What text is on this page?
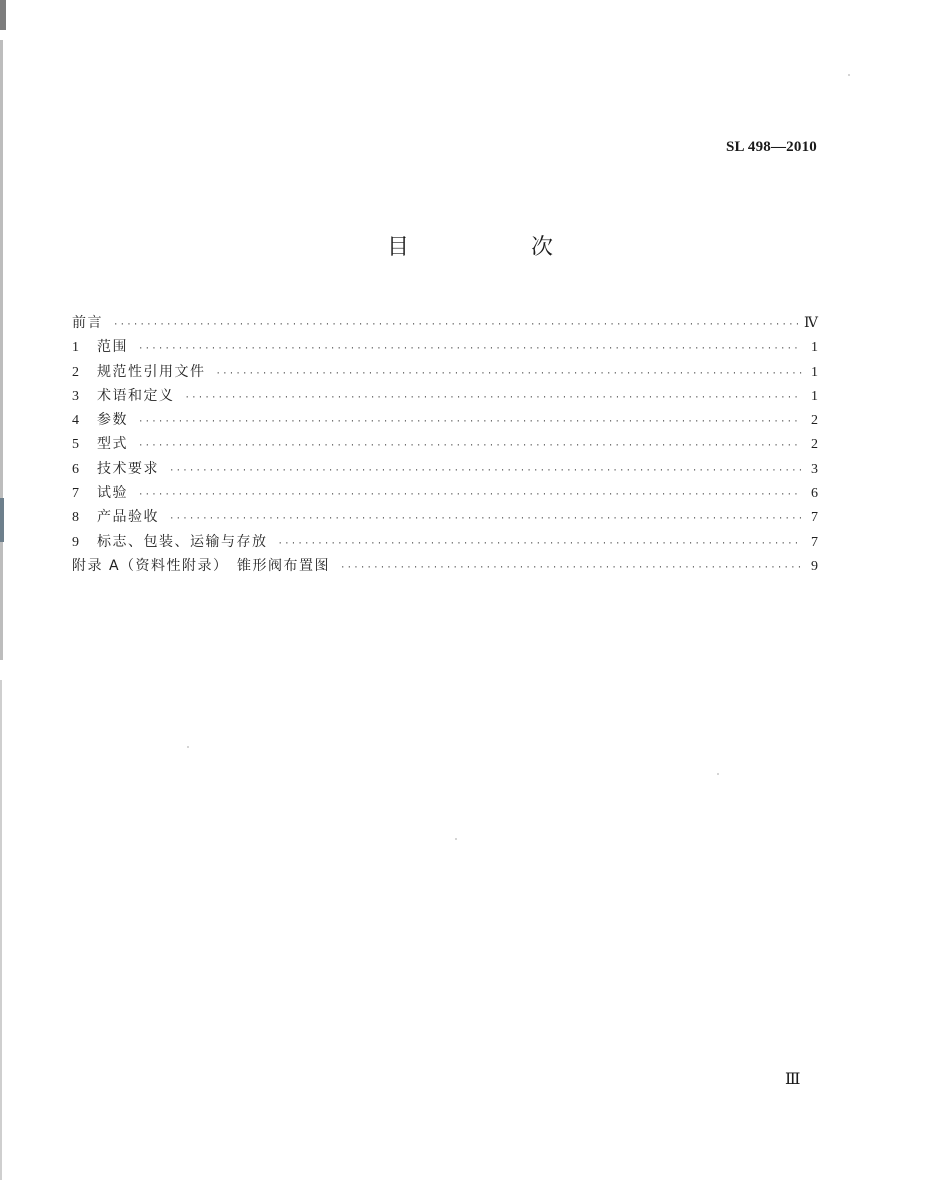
SL 498—2010
目　次
前言 ·····	Ⅳ
1	范围 ·····	1
2	规范性引用文件 ·····	1
3	术语和定义 ·····	1
4	参数 ·····	2
5	型式 ·····	2
6	技术要求 ·····	3
7	试验 ·····	6
8	产品验收 ·····	7
9	标志、包装、运输与存放 ·····	7
附录 A（资料性附录）　锥形阀布置图 ·····	9
Ⅲ
